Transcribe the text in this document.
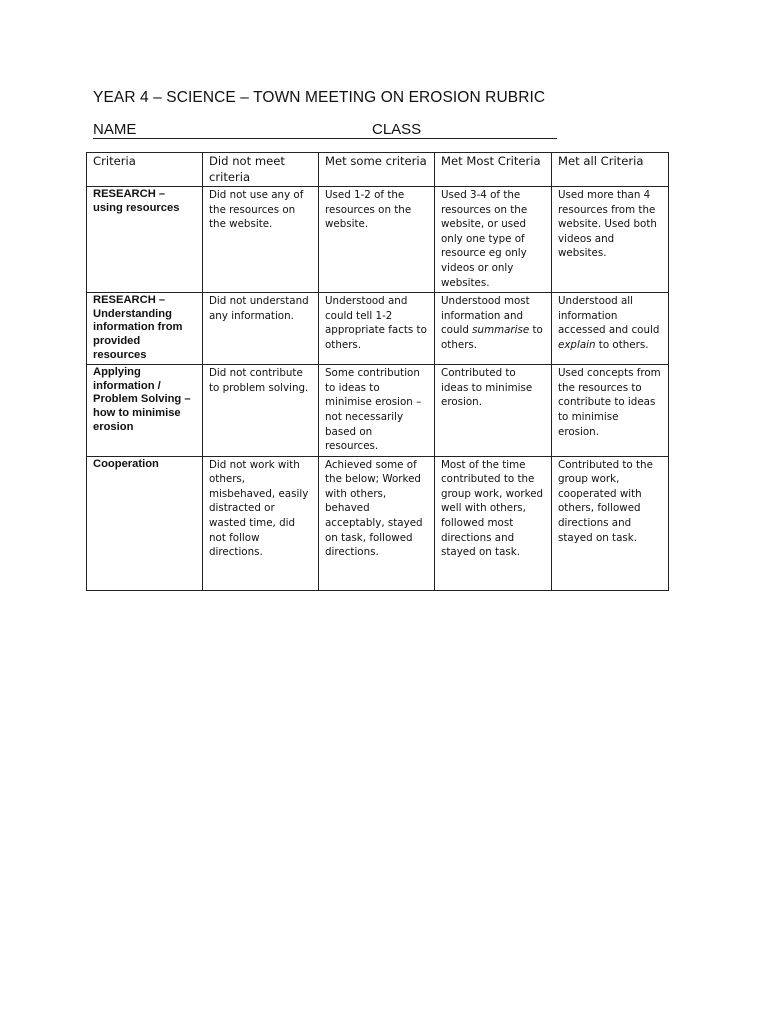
YEAR 4 – SCIENCE – TOWN MEETING ON EROSION RUBRIC
NAME	CLASS
Criteria	Did not meet criteria	Met some criteria	Met Most Criteria	Met all Criteria
RESEARCH – using resources	Did not use any of the resources on the website.	Used 1-2 of the resources on the website.	Used 3-4 of the resources on the website, or used only one type of resource eg only videos or only websites.	Used more than 4 resources from the website. Used both videos and websites.
RESEARCH – Understanding information from provided resources	Did not understand any information.	Understood and could tell 1-2 appropriate facts to others.	Understood most information and could summarise to others.	Understood all information accessed and could explain to others.
Applying information / Problem Solving – how to minimise erosion	Did not contribute to problem solving.	Some contribution to ideas to minimise erosion – not necessarily based on resources.	Contributed to ideas to minimise erosion.	Used concepts from the resources to contribute to ideas to minimise erosion.
Cooperation	Did not work with others, misbehaved, easily distracted or wasted time, did not follow directions.	Achieved some of the below; Worked with others, behaved acceptably, stayed on task, followed directions.	Most of the time contributed to the group work, worked well with others, followed most directions and stayed on task.	Contributed to the group work, cooperated with others, followed directions and stayed on task.
